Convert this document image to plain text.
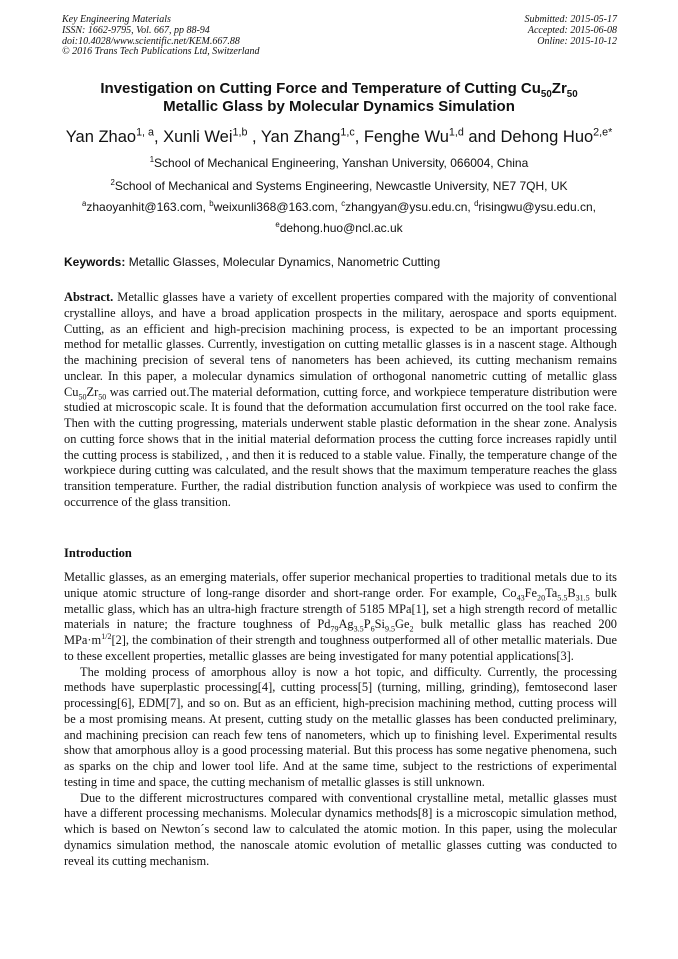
Key Engineering Materials
ISSN: 1662-9795, Vol. 667, pp 88-94
doi:10.4028/www.scientific.net/KEM.667.88
© 2016 Trans Tech Publications Ltd, Switzerland
Submitted: 2015-05-17
Accepted: 2015-06-08
Online: 2015-10-12
Investigation on Cutting Force and Temperature of Cutting $Cu_{50}Zr_{50}$
Metallic Glass by Molecular Dynamics Simulation
Yan Zhao$^{1, a}$, Xunli Wei$^{1,b}$ , Yan Zhang$^{1,c}$, Fenghe Wu$^{1,d}$ and Dehong Huo$^{2,e*}$
$^1$School of Mechanical Engineering, Yanshan University, 066004, China
$^2$School of Mechanical and Systems Engineering, Newcastle University, NE7 7QH, UK
$^a$zhaoyanhit@163.com, $^b$weixunli368@163.com, $^c$zhangyan@ysu.edu.cn, $^d$risingwu@ysu.edu.cn,
$^e$dehong.huo@ncl.ac.uk
Keywords: Metallic Glasses, Molecular Dynamics, Nanometric Cutting

Abstract. Metallic glasses have a variety of excellent properties compared with the majority of conventional crystalline alloys, and have a broad application prospects in the military, aerospace and sports equipment. Cutting, as an efficient and high-precision machining process, is expected to be an important processing method for metallic glasses. Currently, investigation on cutting metallic glasses is in a nascent stage. Although the machining precision of several tens of nanometers has been achieved, its cutting mechanism remains unclear. In this paper, a molecular dynamics simulation of orthogonal nanometric cutting of metallic glass $Cu_{50}Zr_{50}$ was carried out.The material deformation, cutting force, and workpiece temperature distribution were studied at microscopic scale. It is found that the deformation accumulation first occurred on the tool rake face. Then with the cutting progressing, materials underwent stable plastic deformation in the shear zone. Analysis on cutting force shows that in the initial material deformation process the cutting force increases rapidly until the cutting process is stabilized, , and then it is reduced to a stable value. Finally, the temperature change of the workpiece during cutting was calculated, and the result shows that the maximum temperature reaches the glass transition temperature. Further, the radial distribution function analysis of workpiece was used to confirm the occurrence of the glass transition.

Introduction

Metallic glasses, as an emerging materials, offer superior mechanical properties to traditional metals due to its unique atomic structure of long-range disorder and short-range order. For example, $Co_{43}Fe_{20}Ta_{5.5}B_{31.5}$ bulk metallic glass, which has an ultra-high fracture strength of 5185 MPa[1], set a high strength record of metallic materials in nature; the fracture toughness of $Pd_{79}Ag_{3.5}P_6Si_{9.5}Ge_2$ bulk metallic glass has reached 200 $MPa\cdot m^{1/2}[2]$, the combination of their strength and toughness outperformed all of other metallic materials. Due to these excellent properties, metallic glasses are being investigated for many potential applications[3].

The molding process of amorphous alloy is now a hot topic, and difficulty. Currently, the processing methods have superplastic processing[4], cutting process[5] (turning, milling, grinding), femtosecond laser processing[6], EDM[7], and so on. But as an efficient, high-precision machining method, cutting process will be a most promising means. At present, cutting study on the metallic glasses has been conducted preliminary, and machining precision can reach few tens of nanometers, which up to finishing level. Experimental results show that amorphous alloy is a good processing material. But this process has some negative phenomena, such as sparks on the chip and lower tool life. And at the same time, subject to the restrictions of experimental testing in time and space, the cutting mechanism of metallic glasses is still unknown.

Due to the different microstructures compared with conventional crystalline metal, metallic glasses must have a different processing mechanisms. Molecular dynamics methods[8] is a microscopic simulation method, which is based on Newton´s second law to calculated the atomic motion. In this paper, using the molecular dynamics simulation method, the nanoscale atomic evolution of metallic glasses cutting was conducted to reveal its cutting mechanism.
